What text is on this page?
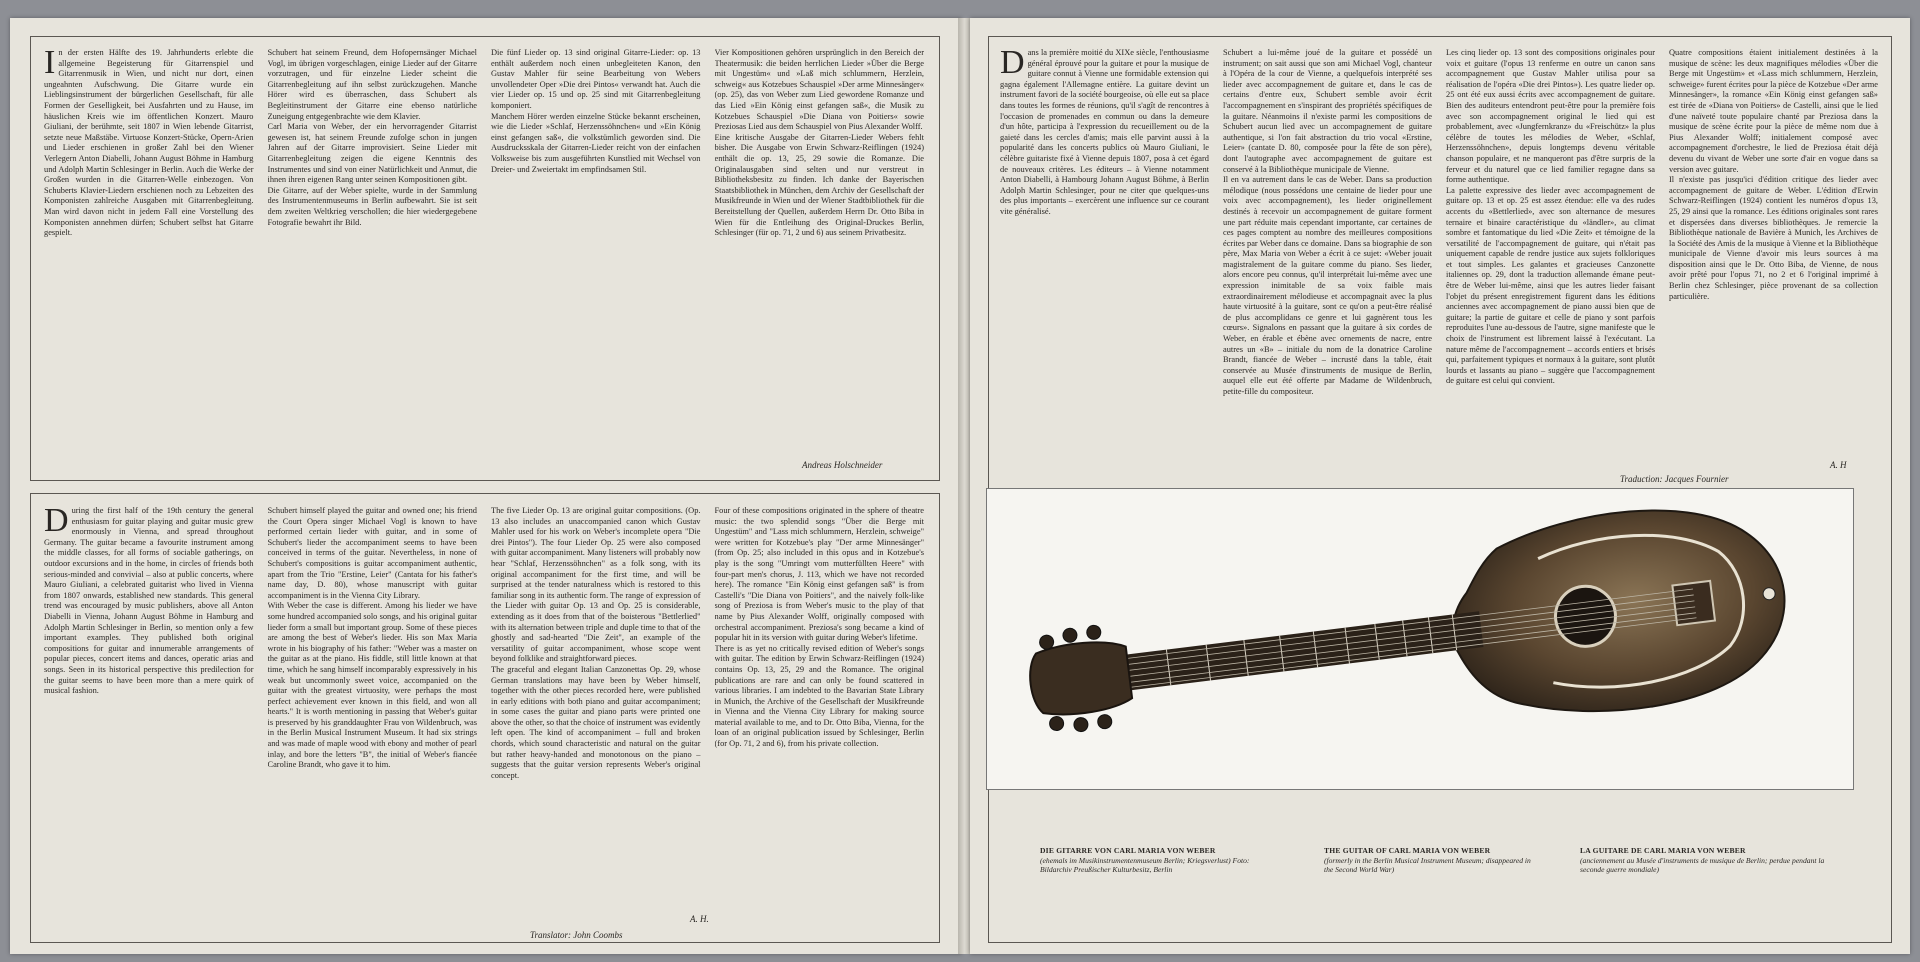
In der ersten Hälfte des 19. Jahrhunderts erlebte die allgemeine Begeisterung für Gitarrenspiel und Gitarrenmusik in Wien, und nicht nur dort, einen ungeahnten Aufschwung. Die Gitarre wurde ein Lieblingsinstrument der bürgerlichen Gesellschaft, für alle Formen der Geselligkeit, bei Ausfahrten und zu Hause, im häuslichen Kreis wie im öffentlichen Konzert. Mauro Giuliani, der berühmte, seit 1807 in Wien lebende Gitarrist, setzte neue Maßstäbe. Virtuose Konzert-Stücke, Opern-Arien und Lieder erschienen in großer Zahl bei den Wiener Verlegern Anton Diabelli, Johann August Böhme in Hamburg und Adolph Martin Schlesinger in Berlin. Auch die Werke der Großen wurden in die Gitarren-Welle einbezogen. Von Schuberts Klavier-Liedern erschienen noch zu Lebzeiten des Komponisten zahlreiche Ausgaben mit Gitarrenbegleitung. Man wird davon nicht in jedem Fall eine Vorstellung des Komponisten annehmen dürfen; Schubert selbst hat Gitarre gespielt.

Schubert hat seinem Freund, dem Hofopernsänger Michael Vogl, im übrigen vorgeschlagen, einige Lieder auf der Gitarre vorzutragen, und für einzelne Lieder scheint die Gitarrenbegleitung auf ihn selbst zurückzugehen. Manche Hörer wird es überraschen, dass Schubert als Begleitinstrument der Gitarre eine ebenso natürliche Zuneigung entgegenbrachte wie dem Klavier.

Carl Maria von Weber, der ein hervorragender Gitarrist gewesen ist, hat seinem Freunde zufolge schon in jungen Jahren auf der Gitarre improvisiert. Seine Lieder mit Gitarrenbegleitung zeigen die eigene Kenntnis des Instrumentes und sind von einer Natürlichkeit und Anmut, die ihnen ihren eigenen Rang unter seinen Kompositionen gibt.

Die Gitarre, auf der Weber spielte, wurde in der Sammlung des Instrumentenmuseums in Berlin aufbewahrt. Sie ist seit dem zweiten Weltkrieg verschollen; die hier wiedergegebene Fotografie bewahrt ihr Bild.

Die fünf Lieder op. 13 sind original Gitarre-Lieder: op. 13 enthält außerdem noch einen unbegleiteten Kanon, den Gustav Mahler für seine Bearbeitung von Webers unvollendeter Oper »Die drei Pintos« verwandt hat. Auch die vier Lieder op. 15 und op. 25 sind mit Gitarrenbegleitung komponiert.

Manchem Hörer werden einzelne Stücke bekannt erscheinen, wie die Lieder »Schlaf, Herzenssöhnchen« und »Ein König einst gefangen saß«, die volkstümlich geworden sind. Die Ausdrucksskala der Gitarren-Lieder reicht von der einfachen Volksweise bis zum ausgeführten Kunstlied mit Wechsel von Dreier- und Zweiertakt im empfindsamen Stil.

Vier Kompositionen gehören ursprünglich in den Bereich der Theatermusik: die beiden herrlichen Lieder »Über die Berge mit Ungestüm« und »Laß mich schlummern, Herzlein, schweig« aus Kotzebues Schauspiel »Der arme Minnesänger« (op. 25), das von Weber zum Lied gewordene Romanze und das Lied »Ein König einst gefangen saß«, die Musik zu Kotzebues Schauspiel »Die Diana von Poitiers« sowie Preziosas Lied aus dem Schauspiel von Pius Alexander Wolff.

Eine kritische Ausgabe der Gitarren-Lieder Webers fehlt bisher. Die Ausgabe von Erwin Schwarz-Reiflingen (1924) enthält die op. 13, 25, 29 sowie die Romanze. Die Originalausgaben sind selten und nur verstreut in Bibliotheksbesitz zu finden. Ich danke der Bayerischen Staatsbibliothek in München, dem Archiv der Gesellschaft der Musikfreunde in Wien und der Wiener Stadtbibliothek für die Bereitstellung der Quellen, außerdem Herrn Dr. Otto Biba in Wien für die Entleihung des Original-Druckes Berlin, Schlesinger (für op. 71, 2 und 6) aus seinem Privatbesitz.

Andreas Holschneider

During the first half of the 19th century the general enthusiasm for guitar playing and guitar music grew enormously in Vienna, and spread throughout Germany. The guitar became a favourite instrument among the middle classes, for all forms of sociable gatherings, on outdoor excursions and in the home, in circles of friends both serious-minded and convivial – also at public concerts, where Mauro Giuliani, a celebrated guitarist who lived in Vienna from 1807 onwards, established new standards. This general trend was encouraged by music publishers, above all Anton Diabelli in Vienna, Johann August Böhme in Hamburg and Adolph Martin Schlesinger in Berlin, so mention only a few important examples. They published both original compositions for guitar and innumerable arrangements of popular pieces, concert items and dances, operatic arias and songs. Seen in its historical perspective this predilection for the guitar seems to have been more than a mere quirk of musical fashion.

Schubert himself played the guitar and owned one; his friend the Court Opera singer Michael Vogl is known to have performed certain lieder with guitar, and in some of Schubert's lieder the accompaniment seems to have been conceived in terms of the guitar. Nevertheless, in none of Schubert's compositions is guitar accompaniment authentic, apart from the Trio "Erstine, Leier" (Cantata for his father's name day, D. 80), whose manuscript with guitar accompaniment is in the Vienna City Library.

With Weber the case is different. Among his lieder we have some hundred accompanied solo songs, and his original guitar lieder form a small but important group. Some of these pieces are among the best of Weber's lieder. His son Max Maria wrote in his biography of his father: "Weber was a master on the guitar as at the piano. His fiddle, still little known at that time, which he sang himself incomparably expressively in his weak but uncommonly sweet voice, accompanied on the guitar with the greatest virtuosity, were perhaps the most perfect achievement ever known in this field, and won all hearts." It is worth mentioning in passing that Weber's guitar is preserved by his granddaughter Frau von Wildenbruch, was in the Berlin Musical Instrument Museum. It had six strings and was made of maple wood with ebony and mother of pearl inlay, and bore the letters "B", the initial of Weber's fiancée Caroline Brandt, who gave it to him.

The five Lieder Op. 13 are original guitar compositions. (Op. 13 also includes an unaccompanied canon which Gustav Mahler used for his work on Weber's incomplete opera "Die drei Pintos"). The four Lieder Op. 25 were also composed with guitar accompaniment. Many listeners will probably now hear "Schlaf, Herzenssöhnchen" as a folk song, with its original accompaniment for the first time, and will be surprised at the tender naturalness which is restored to this familiar song in its authentic form. The range of expression of the Lieder with guitar Op. 13 and Op. 25 is considerable, extending as it does from that of the boisterous "Bettlerlied" with its alternation between triple and duple time to that of the ghostly and sad-hearted "Die Zeit", an example of the versatility of guitar accompaniment, whose scope went beyond folklike and straightforward pieces.

The graceful and elegant Italian Canzonettas Op. 29, whose German translations may have been by Weber himself, together with the other pieces recorded here, were published in early editions with both piano and guitar accompaniment; in some cases the guitar and piano parts were printed one above the other, so that the choice of instrument was evidently left open. The kind of accompaniment – full and broken chords, which sound characteristic and natural on the guitar but rather heavy-handed and monotonous on the piano – suggests that the guitar version represents Weber's original concept.

Four of these compositions originated in the sphere of theatre music: the two splendid songs "Über die Berge mit Ungestüm" and "Lass mich schlummern, Herzlein, schweige" were written for Kotzebue's play "Der arme Minnesänger" (from Op. 25; also included in this opus and in Kotzebue's play is the song "Umringt vom mutterfüllten Heere" with four-part men's chorus, J. 113, which we have not recorded here). The romance "Ein König einst gefangen saß" is from Castelli's "Die Diana von Poitiers", and the naively folk-like song of Preziosa is from Weber's music to the play of that name by Pius Alexander Wolff, originally composed with orchestral accompaniment. Preziosa's song became a kind of popular hit in its version with guitar during Weber's lifetime.

There is as yet no critically revised edition of Weber's songs with guitar. The edition by Erwin Schwarz-Reiflingen (1924) contains Op. 13, 25, 29 and the Romance. The original publications are rare and can only be found scattered in various libraries. I am indebted to the Bavarian State Library in Munich, the Archive of the Gesellschaft der Musikfreunde in Vienna and the Vienna City Library for making source material available to me, and to Dr. Otto Biba, Vienna, for the loan of an original publication issued by Schlesinger, Berlin (for Op. 71, 2 and 6), from his private collection.

A. H.
Translator: John Coombs

Dans la première moitié du XIXe siècle, l'enthousiasme général éprouvé pour la guitare et pour la musique de guitare connut à Vienne une formidable extension qui gagna également l'Allemagne entière. La guitare devint un instrument favori de la société bourgeoise, où elle eut sa place dans toutes les formes de réunions, qu'il s'agît de rencontres à l'occasion de promenades en commun ou dans la demeure d'un hôte, participa à l'expression du recueillement ou de la gaieté dans les cercles d'amis; mais elle parvint aussi à la popularité dans les concerts publics où Mauro Giuliani, le célèbre guitariste fixé à Vienne depuis 1807, posa à cet égard de nouveaux critères. Les éditeurs – à Vienne notamment Anton Diabelli, à Hambourg Johann August Böhme, à Berlin Adolph Martin Schlesinger, pour ne citer que quelques-uns des plus importants – exercèrent une influence sur ce courant vite généralisé.

Schubert a lui-même joué de la guitare et possédé un instrument; on sait aussi que son ami Michael Vogl, chanteur à l'Opéra de la cour de Vienne, a quelquefois interprété ses lieder avec accompagnement de guitare et, dans le cas de certains d'entre eux, Schubert semble avoir écrit l'accompagnement en s'inspirant des propriétés spécifiques de la guitare. Néanmoins il n'existe parmi les compositions de Schubert aucun lied avec un accompagnement de guitare authentique, si l'on fait abstraction du trio vocal «Erstine, Leier» (cantate D. 80, composée pour la fête de son père), dont l'autographe avec accompagnement de guitare est conservé à la Bibliothèque municipale de Vienne.

Il en va autrement dans le cas de Weber. Dans sa production mélodique (nous possédons une centaine de lieder pour une voix avec accompagnement), les lieder originellement destinés à recevoir un accompagnement de guitare forment une part réduite mais cependant importante, car certaines de ces pages comptent au nombre des meilleures compositions écrites par Weber dans ce domaine. Dans sa biographie de son père, Max Maria von Weber a écrit à ce sujet: «Weber jouait magistralement de la guitare comme du piano. Ses lieder, alors encore peu connus, qu'il interprétait lui-même avec une expression inimitable de sa voix faible mais extraordinairement mélodieuse et accompagnait avec la plus haute virtuosité à la guitare, sont ce qu'on a peut-être réalisé de plus accomplidans ce genre et lui gagnèrent tous les cœurs». Signalons en passant que la guitare à six cordes de Weber, en érable et ébène avec ornements de nacre, entre autres un «B» – initiale du nom de la donatrice Caroline Brandt, fiancée de Weber – incrusté dans la table, était conservée au Musée d'instruments de musique de Berlin, auquel elle eut été offerte par Madame de Wildenbruch, petite-fille du compositeur.

Les cinq lieder op. 13 sont des compositions originales pour voix et guitare (l'opus 13 renferme en outre un canon sans accompagnement que Gustav Mahler utilisa pour sa réalisation de l'opéra «Die drei Pintos»). Les quatre lieder op. 25 ont été eux aussi écrits avec accompagnement de guitare. Bien des auditeurs entendront peut-être pour la première fois avec son accompagnement original le lied qui est probablement, avec «Jungfernkranz» du «Freischütz» la plus célèbre de toutes les mélodies de Weber, «Schlaf, Herzenssöhnchen», depuis longtemps devenu véritable chanson populaire, et ne manqueront pas d'être surpris de la ferveur et du naturel que ce lied familier regagne dans sa forme authentique.

La palette expressive des lieder avec accompagnement de guitare op. 13 et op. 25 est assez étendue: elle va des rudes accents du «Bettlerlied», avec son alternance de mesures ternaire et binaire caractéristique du «ländler», au climat sombre et fantomatique du lied «Die Zeit» et témoigne de la versatilité de l'accompagnement de guitare, qui n'était pas uniquement capable de rendre justice aux sujets folkloriques et tout simples. Les galantes et gracieuses Canzonette italiennes op. 29, dont la traduction allemande émane peut-être de Weber lui-même, ainsi que les autres lieder faisant l'objet du présent enregistrement figurent dans les éditions anciennes avec accompagnement de piano aussi bien que de guitare; la partie de guitare et celle de piano y sont parfois reproduites l'une au-dessous de l'autre, signe manifeste que le choix de l'instrument est librement laissé à l'exécutant. La nature même de l'accompagnement – accords entiers et brisés qui, parfaitement typiques et normaux à la guitare, sont plutôt lourds et lassants au piano – suggère que l'accompagnement de guitare est celui qui convient.

Quatre compositions étaient initialement destinées à la musique de scène: les deux magnifiques mélodies «Über die Berge mit Ungestüm» et «Lass mich schlummern, Herzlein, schweige» furent écrites pour la pièce de Kotzebue «Der arme Minnesänger», la romance «Ein König einst gefangen saß» est tirée de «Diana von Poitiers» de Castelli, ainsi que le lied d'une naïveté toute populaire chanté par Preziosa dans la musique de scène écrite pour la pièce de même nom due à Pius Alexander Wolff; initialement composé avec accompagnement d'orchestre, le lied de Preziosa était déjà devenu du vivant de Weber une sorte d'air en vogue dans sa version avec guitare.

Il n'existe pas jusqu'ici d'édition critique des lieder avec accompagnement de guitare de Weber. L'édition d'Erwin Schwarz-Reiflingen (1924) contient les numéros d'opus 13, 25, 29 ainsi que la romance. Les éditions originales sont rares et dispersées dans diverses bibliothèques. Je remercie la Bibliothèque nationale de Bavière à Munich, les Archives de la Société des Amis de la musique à Vienne et la Bibliothèque municipale de Vienne d'avoir mis leurs sources à ma disposition ainsi que le Dr. Otto Biba, de Vienne, de nous avoir prêté pour l'opus 71, no 2 et 6 l'original imprimé à Berlin chez Schlesinger, pièce provenant de sa collection particulière.

A. H
Traduction: Jacques Fournier
DIE GITARRE VON CARL MARIA VON WEBER
(ehemals im Musikinstrumentenmuseum Berlin; Kriegsverlust) Foto: Bildarchiv Preußischer Kulturbesitz, Berlin
THE GUITAR OF CARL MARIA VON WEBER
(formerly in the Berlin Musical Instrument Museum; disappeared in the Second World War)
LA GUITARE DE CARL MARIA VON WEBER
(anciennement au Musée d'instruments de musique de Berlin; perdue pendant la seconde guerre mondiale)
